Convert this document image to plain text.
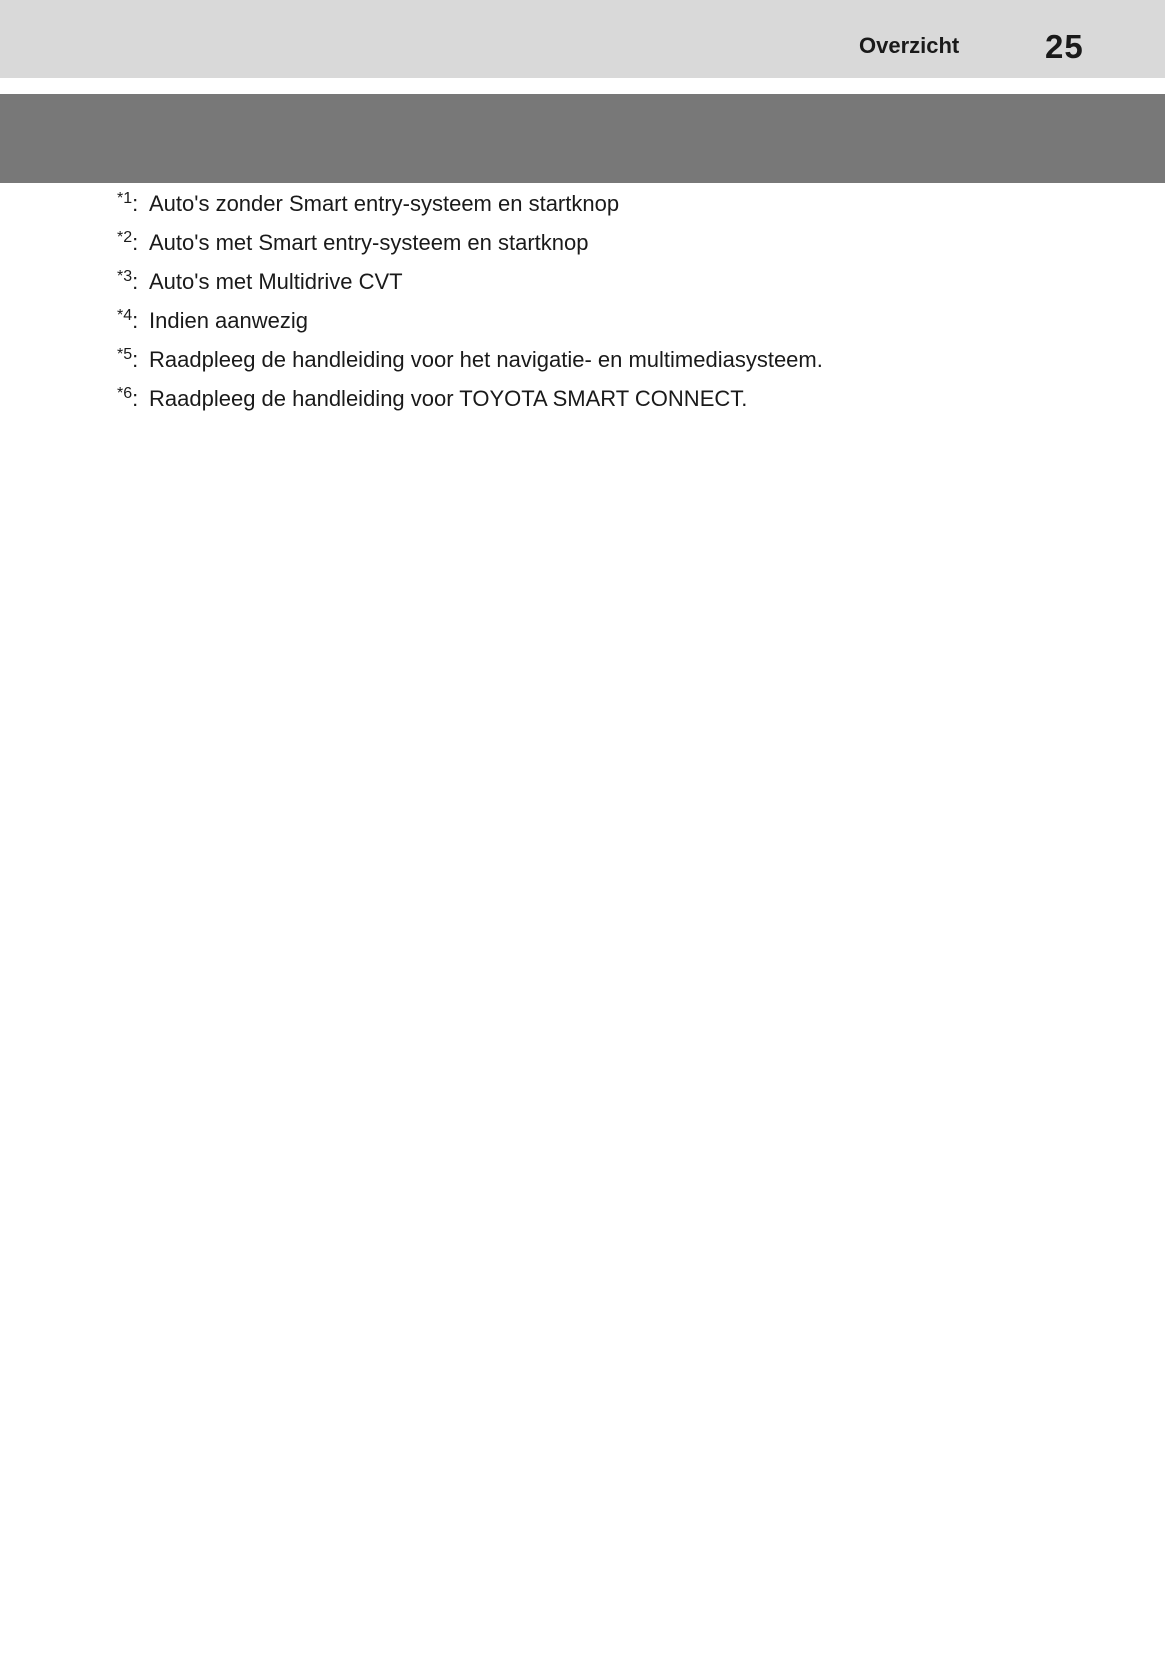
Overzicht	25
$^{*1}$: Auto's zonder Smart entry-systeem en startknop
$^{*2}$: Auto's met Smart entry-systeem en startknop
$^{*3}$: Auto's met Multidrive CVT
$^{*4}$: Indien aanwezig
$^{*5}$: Raadpleeg de handleiding voor het navigatie- en multimediasysteem.
$^{*6}$: Raadpleeg de handleiding voor TOYOTA SMART CONNECT.
